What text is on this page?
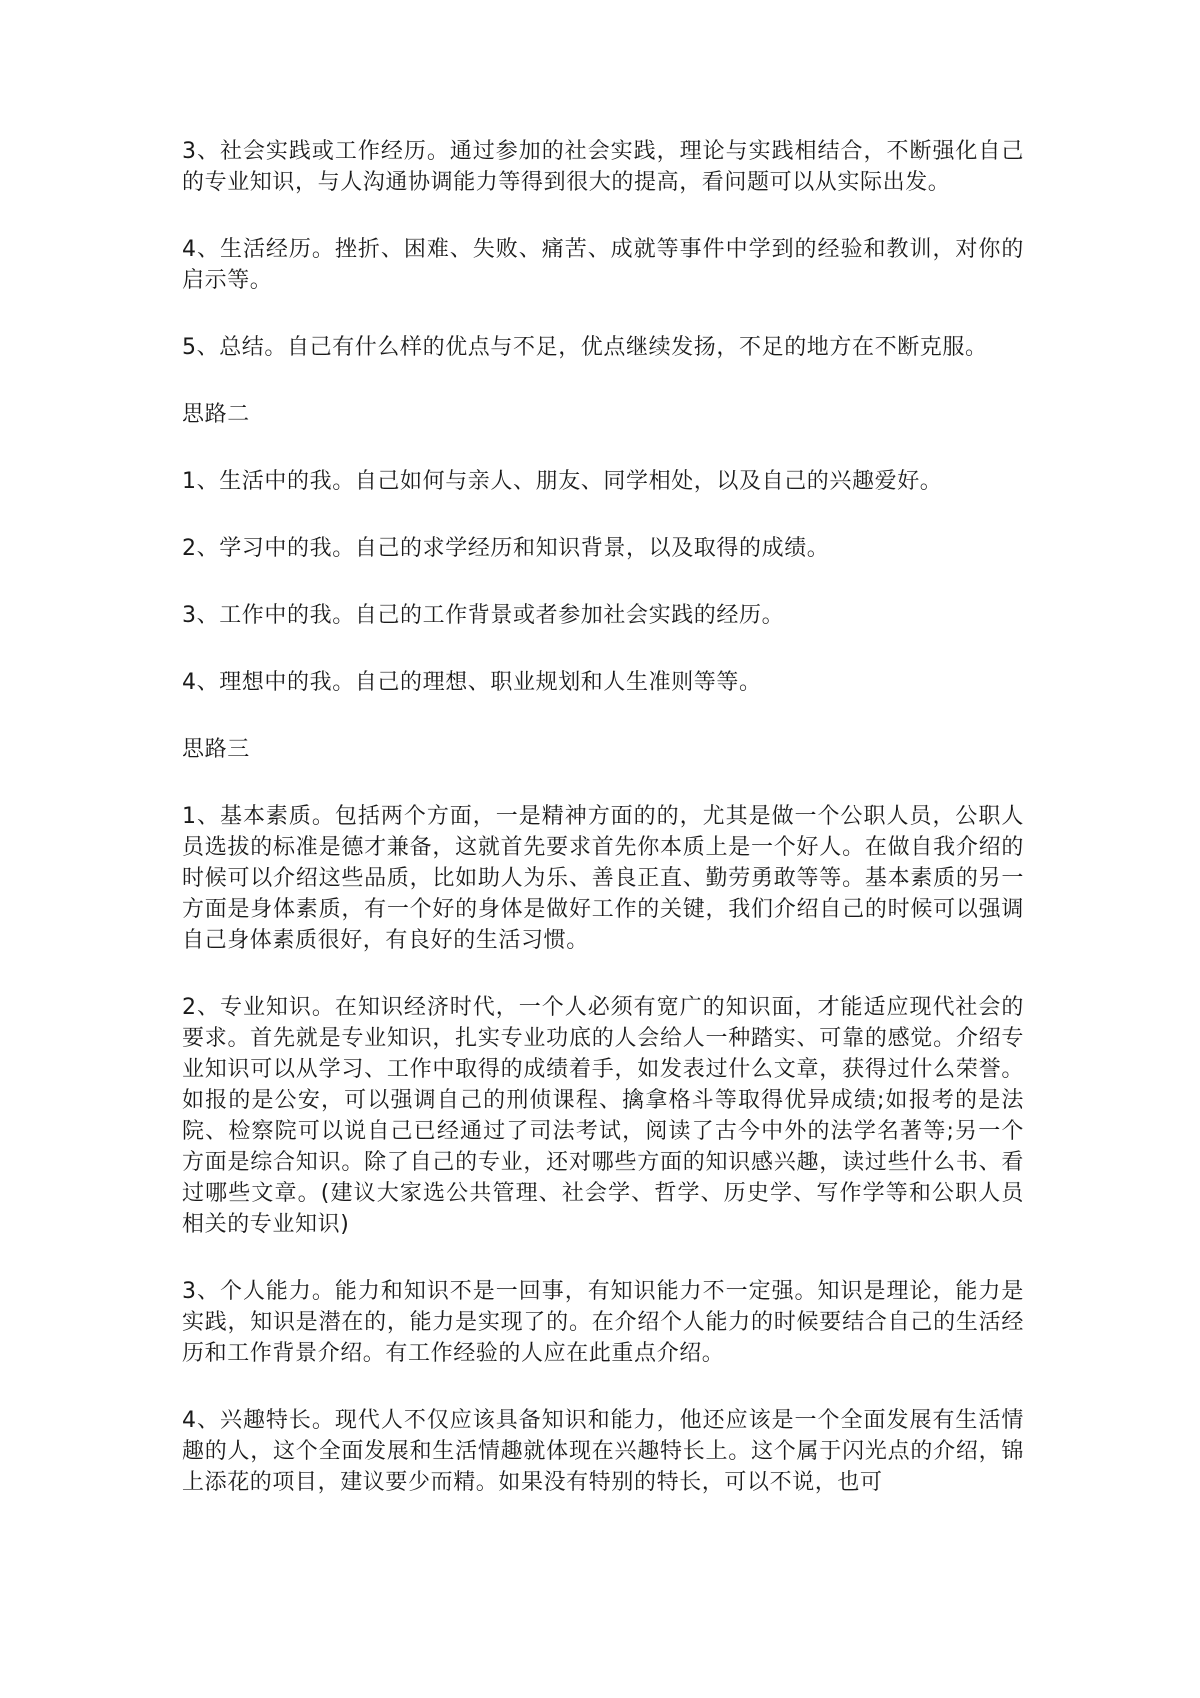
3、社会实践或工作经历。通过参加的社会实践，理论与实践相结合，不断强化自己的专业知识，与人沟通协调能力等得到很大的提高，看问题可以从实际出发。

4、生活经历。挫折、困难、失败、痛苦、成就等事件中学到的经验和教训，对你的启示等。

5、总结。自己有什么样的优点与不足，优点继续发扬，不足的地方在不断克服。

思路二

1、生活中的我。自己如何与亲人、朋友、同学相处，以及自己的兴趣爱好。

2、学习中的我。自己的求学经历和知识背景，以及取得的成绩。

3、工作中的我。自己的工作背景或者参加社会实践的经历。

4、理想中的我。自己的理想、职业规划和人生准则等等。

思路三

1、基本素质。包括两个方面，一是精神方面的的，尤其是做一个公职人员，公职人员选拔的标准是德才兼备，这就首先要求首先你本质上是一个好人。在做自我介绍的时候可以介绍这些品质，比如助人为乐、善良正直、勤劳勇敢等等。基本素质的另一方面是身体素质，有一个好的身体是做好工作的关键，我们介绍自己的时候可以强调自己身体素质很好，有良好的生活习惯。

2、专业知识。在知识经济时代，一个人必须有宽广的知识面，才能适应现代社会的要求。首先就是专业知识，扎实专业功底的人会给人一种踏实、可靠的感觉。介绍专业知识可以从学习、工作中取得的成绩着手，如发表过什么文章，获得过什么荣誉。如报的是公安，可以强调自己的刑侦课程、擒拿格斗等取得优异成绩;如报考的是法院、检察院可以说自己已经通过了司法考试，阅读了古今中外的法学名著等;另一个方面是综合知识。除了自己的专业，还对哪些方面的知识感兴趣，读过些什么书、看过哪些文章。(建议大家选公共管理、社会学、哲学、历史学、写作学等和公职人员相关的专业知识)

3、个人能力。能力和知识不是一回事，有知识能力不一定强。知识是理论，能力是实践，知识是潜在的，能力是实现了的。在介绍个人能力的时候要结合自己的生活经历和工作背景介绍。有工作经验的人应在此重点介绍。

4、兴趣特长。现代人不仅应该具备知识和能力，他还应该是一个全面发展有生活情趣的人，这个全面发展和生活情趣就体现在兴趣特长上。这个属于闪光点的介绍，锦上添花的项目，建议要少而精。如果没有特别的特长，可以不说，也可
